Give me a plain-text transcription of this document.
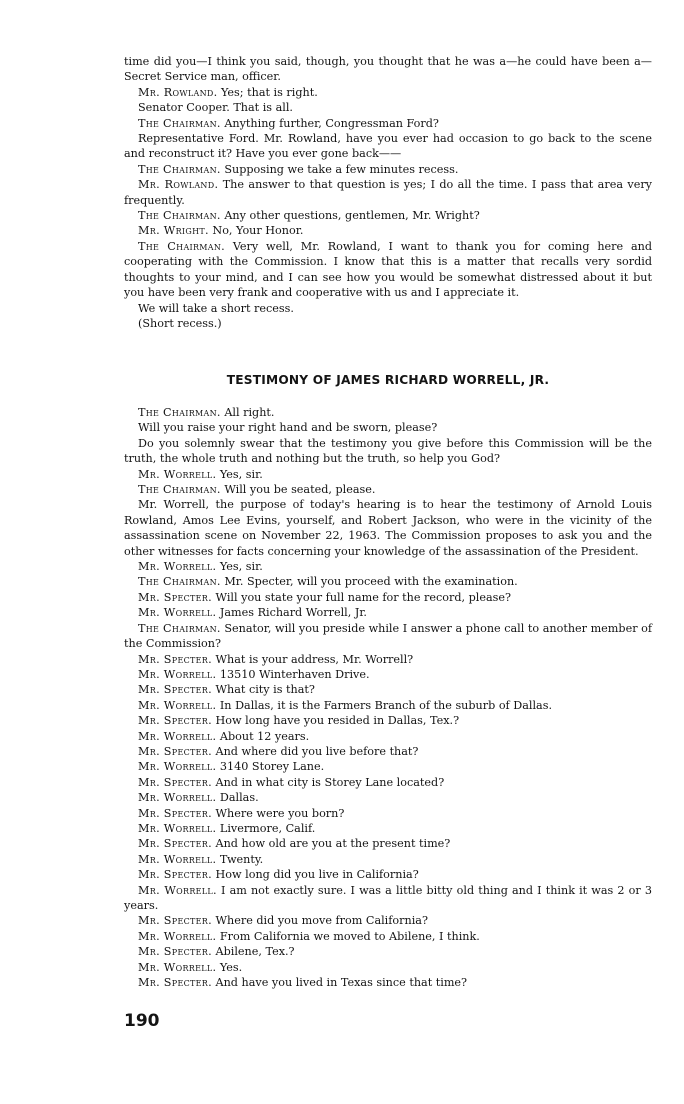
time did you—I think you said, though, you thought that he was a—he could have been a—Secret Service man, officer.

Mr. Rowland. Yes; that is right.

Senator Cooper. That is all.

The Chairman. Anything further, Congressman Ford?

Representative Ford. Mr. Rowland, have you ever had occasion to go back to the scene and reconstruct it? Have you ever gone back——

The Chairman. Supposing we take a few minutes recess.

Mr. Rowland. The answer to that question is yes; I do all the time. I pass that area very frequently.

The Chairman. Any other questions, gentlemen, Mr. Wright?

Mr. Wright. No, Your Honor.

The Chairman. Very well, Mr. Rowland, I want to thank you for coming here and cooperating with the Commission. I know that this is a matter that recalls very sordid thoughts to your mind, and I can see how you would be somewhat distressed about it but you have been very frank and cooperative with us and I appreciate it.

We will take a short recess.

(Short recess.)

TESTIMONY OF JAMES RICHARD WORRELL, JR.

The Chairman. All right.

Will you raise your right hand and be sworn, please?

Do you solemnly swear that the testimony you give before this Commission will be the truth, the whole truth and nothing but the truth, so help you God?

Mr. Worrell. Yes, sir.

The Chairman. Will you be seated, please.

Mr. Worrell, the purpose of today's hearing is to hear the testimony of Arnold Louis Rowland, Amos Lee Evins, yourself, and Robert Jackson, who were in the vicinity of the assassination scene on November 22, 1963. The Commission proposes to ask you and the other witnesses for facts concerning your knowledge of the assassination of the President.

Mr. Worrell. Yes, sir.

The Chairman. Mr. Specter, will you proceed with the examination.

Mr. Specter. Will you state your full name for the record, please?

Mr. Worrell. James Richard Worrell, Jr.

The Chairman. Senator, will you preside while I answer a phone call to another member of the Commission?

Mr. Specter. What is your address, Mr. Worrell?

Mr. Worrell. 13510 Winterhaven Drive.

Mr. Specter. What city is that?

Mr. Worrell. In Dallas, it is the Farmers Branch of the suburb of Dallas.

Mr. Specter. How long have you resided in Dallas, Tex.?

Mr. Worrell. About 12 years.

Mr. Specter. And where did you live before that?

Mr. Worrell. 3140 Storey Lane.

Mr. Specter. And in what city is Storey Lane located?

Mr. Worrell. Dallas.

Mr. Specter. Where were you born?

Mr. Worrell. Livermore, Calif.

Mr. Specter. And how old are you at the present time?

Mr. Worrell. Twenty.

Mr. Specter. How long did you live in California?

Mr. Worrell. I am not exactly sure. I was a little bitty old thing and I think it was 2 or 3 years.

Mr. Specter. Where did you move from California?

Mr. Worrell. From California we moved to Abilene, I think.

Mr. Specter. Abilene, Tex.?

Mr. Worrell. Yes.

Mr. Specter. And have you lived in Texas since that time?

190
